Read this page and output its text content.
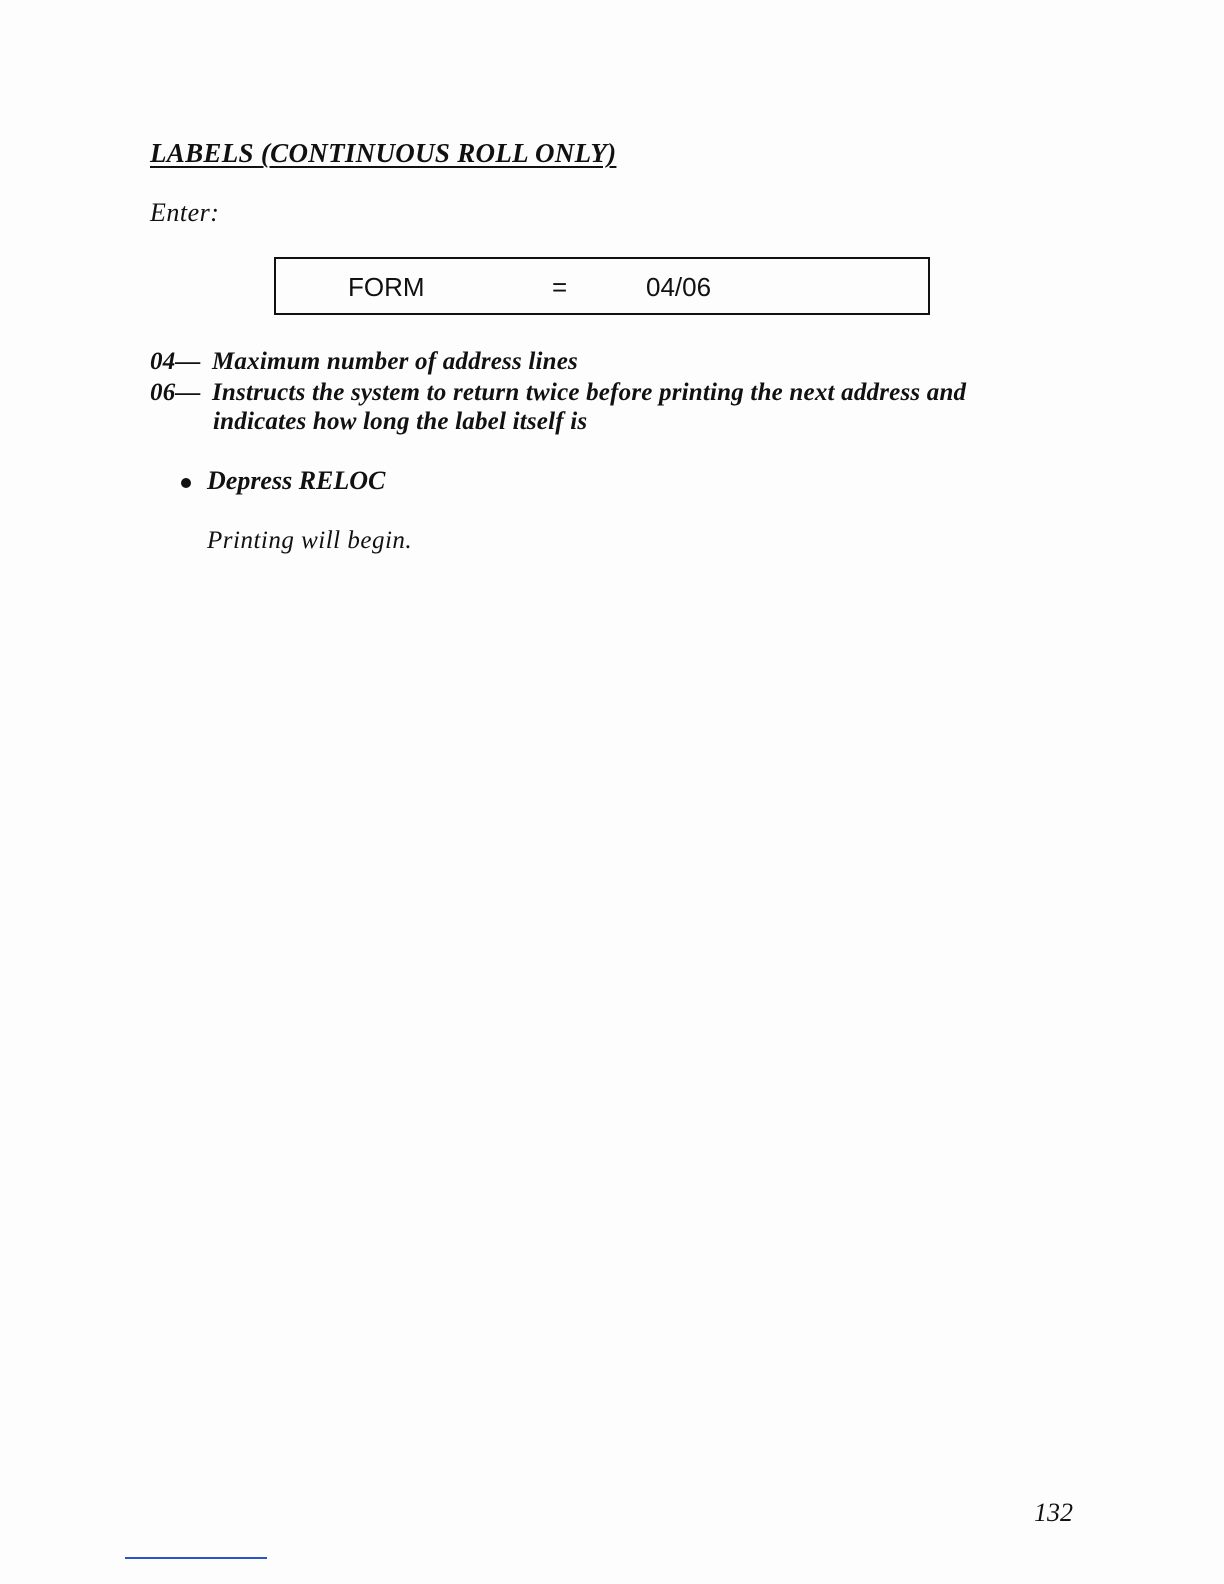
LABELS (CONTINUOUS ROLL ONLY)
Enter:
FORM	=	04/06
04— Maximum number of address lines
06— Instructs the system to return twice before printing the next address and
indicates how long the label itself is
Depress RELOC
Printing will begin.
132
